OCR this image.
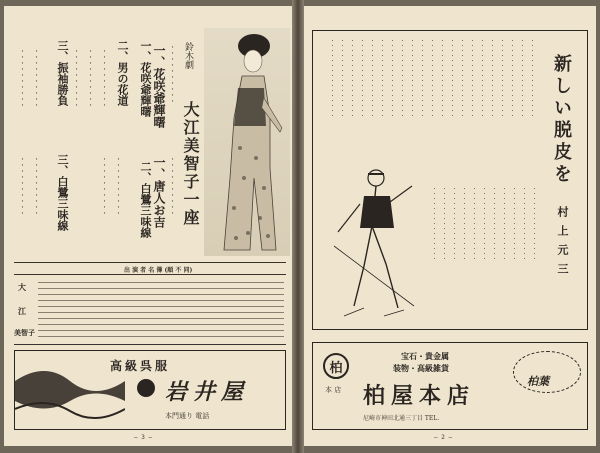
一、花咲爺輝曙
二、男の花道
三、振袖勝負	・・・・・・・・・・
・・・・・・・・・・
・・・・・・・・・・
・・・・・・・・・・
・・・・・・・・・・
二、白鷺三味線
三、白鷺三味線	・・・・・・・・・・
・・・・・・・・・・
・・・・・・・・・・
・・・・・・・・・・
一、花咲爺輝曙
一、唐人お吉
・・・・・・・・・・
・・・・・・・・・・
鈴木劇
大江美智子一座
出 演 者 名 簿 (順 不 同)
大
江
美智子
高級呉服
岩井屋
本門通り 電話
— 3 —
新しい脱皮を
村上元三
・・・・・・・・・・・・・・・・
・・・・・・・・・・・・・・・・
・・・・・・・・・・・・・・・・
・・・・・・・・・・・・・・・・
・・・・・・・・・・・・・・・・
・・・・・・・・・・・・・・・・
・・・・・・・・・・・・・・・・
・・・・・・・・・・・・・・・・
・・・・・・・・・・・・・・・・
・・・・・・・・・・・・・・・・
・・・・・・・・・・・・・・・・
・・・・・・・・・・・・・・・・
・・・・・・・・・・・・・・・・
・・・・・・・・・・・・・・・・
・・・・・・・・・・・・・・・・
・・・・・・・・・・・・・・・・
・・・・・・・・・・・・・・・・
・・・・・・・・・・・・・・・・
・・・・・・・・・・・・・・・・
・・・・・・・・・・・・・・・・
・・・・・・・・・・・・・・・・
・・・・・・・・・・・・・・・
・・・・・・・・・・・・・・・
・・・・・・・・・・・・・・・
・・・・・・・・・・・・・・・
・・・・・・・・・・・・・・・
・・・・・・・・・・・・・・・
・・・・・・・・・・・・・・・
・・・・・・・・・・・・・・・
・・・・・・・・・・・・・・・
・・・・・・・・・・・・・・・
・・・・・・・・・・・・・・・
柏
本 店
宝石・貴金属
装物・高級雑貨
柏屋本店
尼崎市神田北通三丁目 TEL.
柏葉
— 2 —
